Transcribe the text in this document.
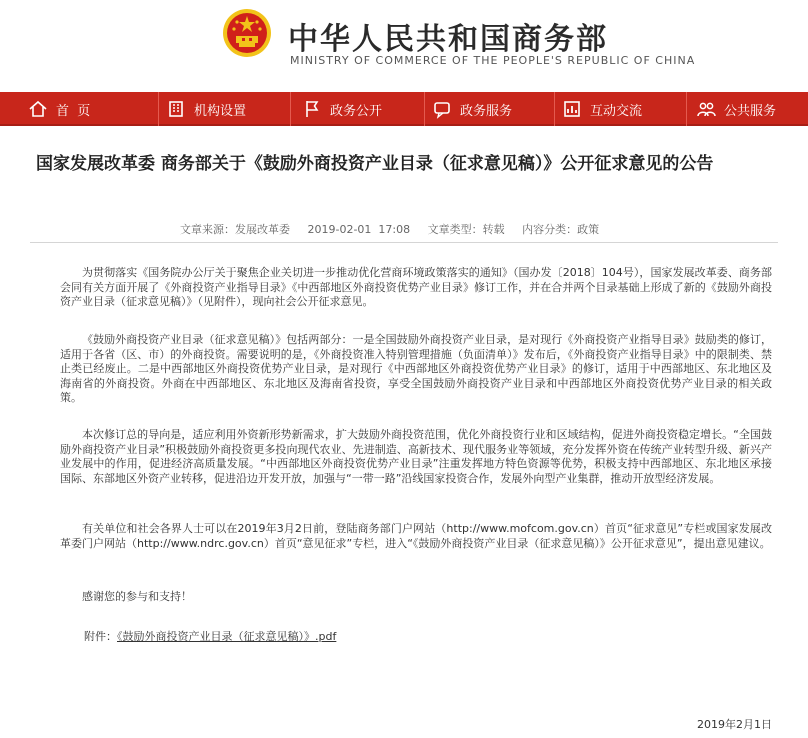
中华人民共和国商务部
MINISTRY OF COMMERCE OF THE PEOPLE'S REPUBLIC OF CHINA
首  页	机构设置	政务公开	政务服务	互动交流	公共服务
国家发展改革委 商务部关于《鼓励外商投资产业目录（征求意见稿）》公开征求意见的公告
文章来源：发展改革委 2019-02-01  17:08 文章类型：转载 内容分类：政策

为贯彻落实《国务院办公厅关于聚焦企业关切进一步推动优化营商环境政策落实的通知》（国办发〔2018〕104号），国家发展改革委、商务部会同有关方面开展了《外商投资产业指导目录》《中西部地区外商投资优势产业目录》修订工作，并在合并两个目录基础上形成了新的《鼓励外商投资产业目录（征求意见稿）》（见附件），现向社会公开征求意见。

《鼓励外商投资产业目录（征求意见稿）》包括两部分：一是全国鼓励外商投资产业目录，是对现行《外商投资产业指导目录》鼓励类的修订，适用于各省（区、市）的外商投资。需要说明的是，《外商投资准入特别管理措施（负面清单）》发布后，《外商投资产业指导目录》中的限制类、禁止类已经废止。二是中西部地区外商投资优势产业目录，是对现行《中西部地区外商投资优势产业目录》的修订，适用于中西部地区、东北地区及海南省的外商投资。外商在中西部地区、东北地区及海南省投资，享受全国鼓励外商投资产业目录和中西部地区外商投资优势产业目录的相关政策。

本次修订总的导向是，适应利用外资新形势新需求，扩大鼓励外商投资范围，优化外商投资行业和区域结构，促进外商投资稳定增长。“全国鼓励外商投资产业目录”积极鼓励外商投资更多投向现代农业、先进制造、高新技术、现代服务业等领域，充分发挥外资在传统产业转型升级、新兴产业发展中的作用，促进经济高质量发展。“中西部地区外商投资优势产业目录”注重发挥地方特色资源等优势，积极支持中西部地区、东北地区承接国际、东部地区外资产业转移，促进沿边开发开放，加强与“一带一路”沿线国家投资合作，发展外向型产业集群，推动开放型经济发展。

有关单位和社会各界人士可以在2019年3月2日前，登陆商务部门户网站（http://www.mofcom.gov.cn）首页“征求意见”专栏或国家发展改革委门户网站（http://www.ndrc.gov.cn）首页“意见征求”专栏，进入“《鼓励外商投资产业目录（征求意见稿）》公开征求意见”，提出意见建议。

感谢您的参与和支持！

附件：《鼓励外商投资产业目录（征求意见稿）》.pdf
2019年2月1日
